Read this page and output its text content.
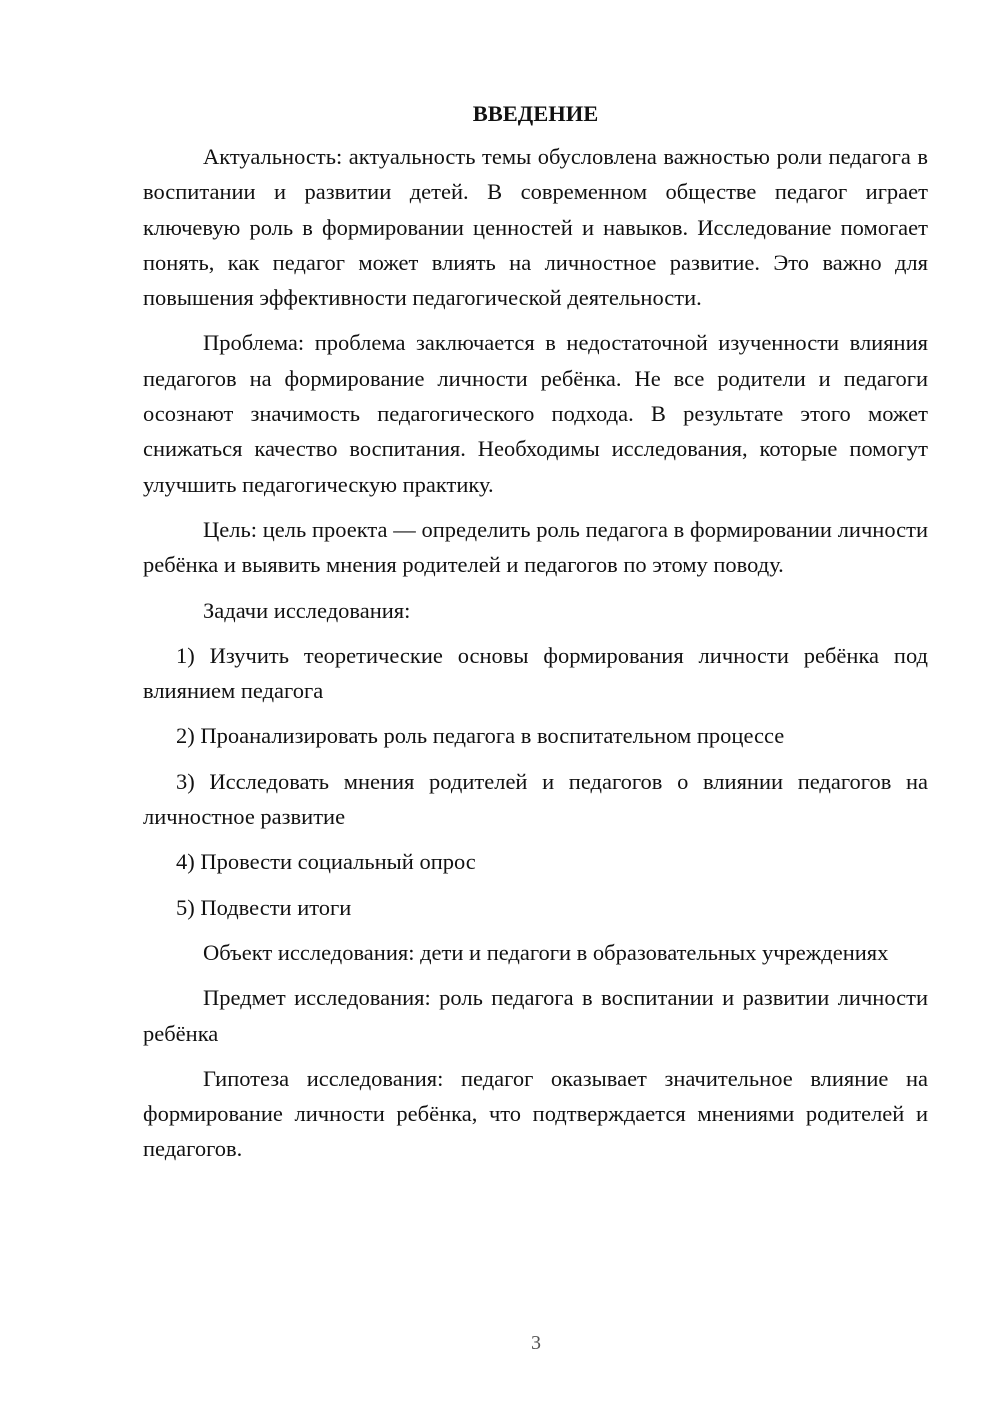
ВВЕДЕНИЕ

Актуальность: актуальность темы обусловлена важностью роли педагога в воспитании и развитии детей. В современном обществе педагог играет ключевую роль в формировании ценностей и навыков. Исследование помогает понять, как педагог может влиять на личностное развитие. Это важно для повышения эффективности педагогической деятельности.

Проблема: проблема заключается в недостаточной изученности влияния педагогов на формирование личности ребёнка. Не все родители и педагоги осознают значимость педагогического подхода. В результате этого может снижаться качество воспитания. Необходимы исследования, которые помогут улучшить педагогическую практику.

Цель: цель проекта — определить роль педагога в формировании личности ребёнка и выявить мнения родителей и педагогов по этому поводу.

Задачи исследования:

1) Изучить теоретические основы формирования личности ребёнка под влиянием педагога

2) Проанализировать роль педагога в воспитательном процессе

3) Исследовать мнения родителей и педагогов о влиянии педагогов на личностное развитие

4) Провести социальный опрос

5) Подвести итоги

Объект исследования: дети и педагоги в образовательных учреждениях

Предмет исследования: роль педагога в воспитании и развитии личности ребёнка

Гипотеза исследования: педагог оказывает значительное влияние на формирование личности ребёнка, что подтверждается мнениями родителей и педагогов.

3
